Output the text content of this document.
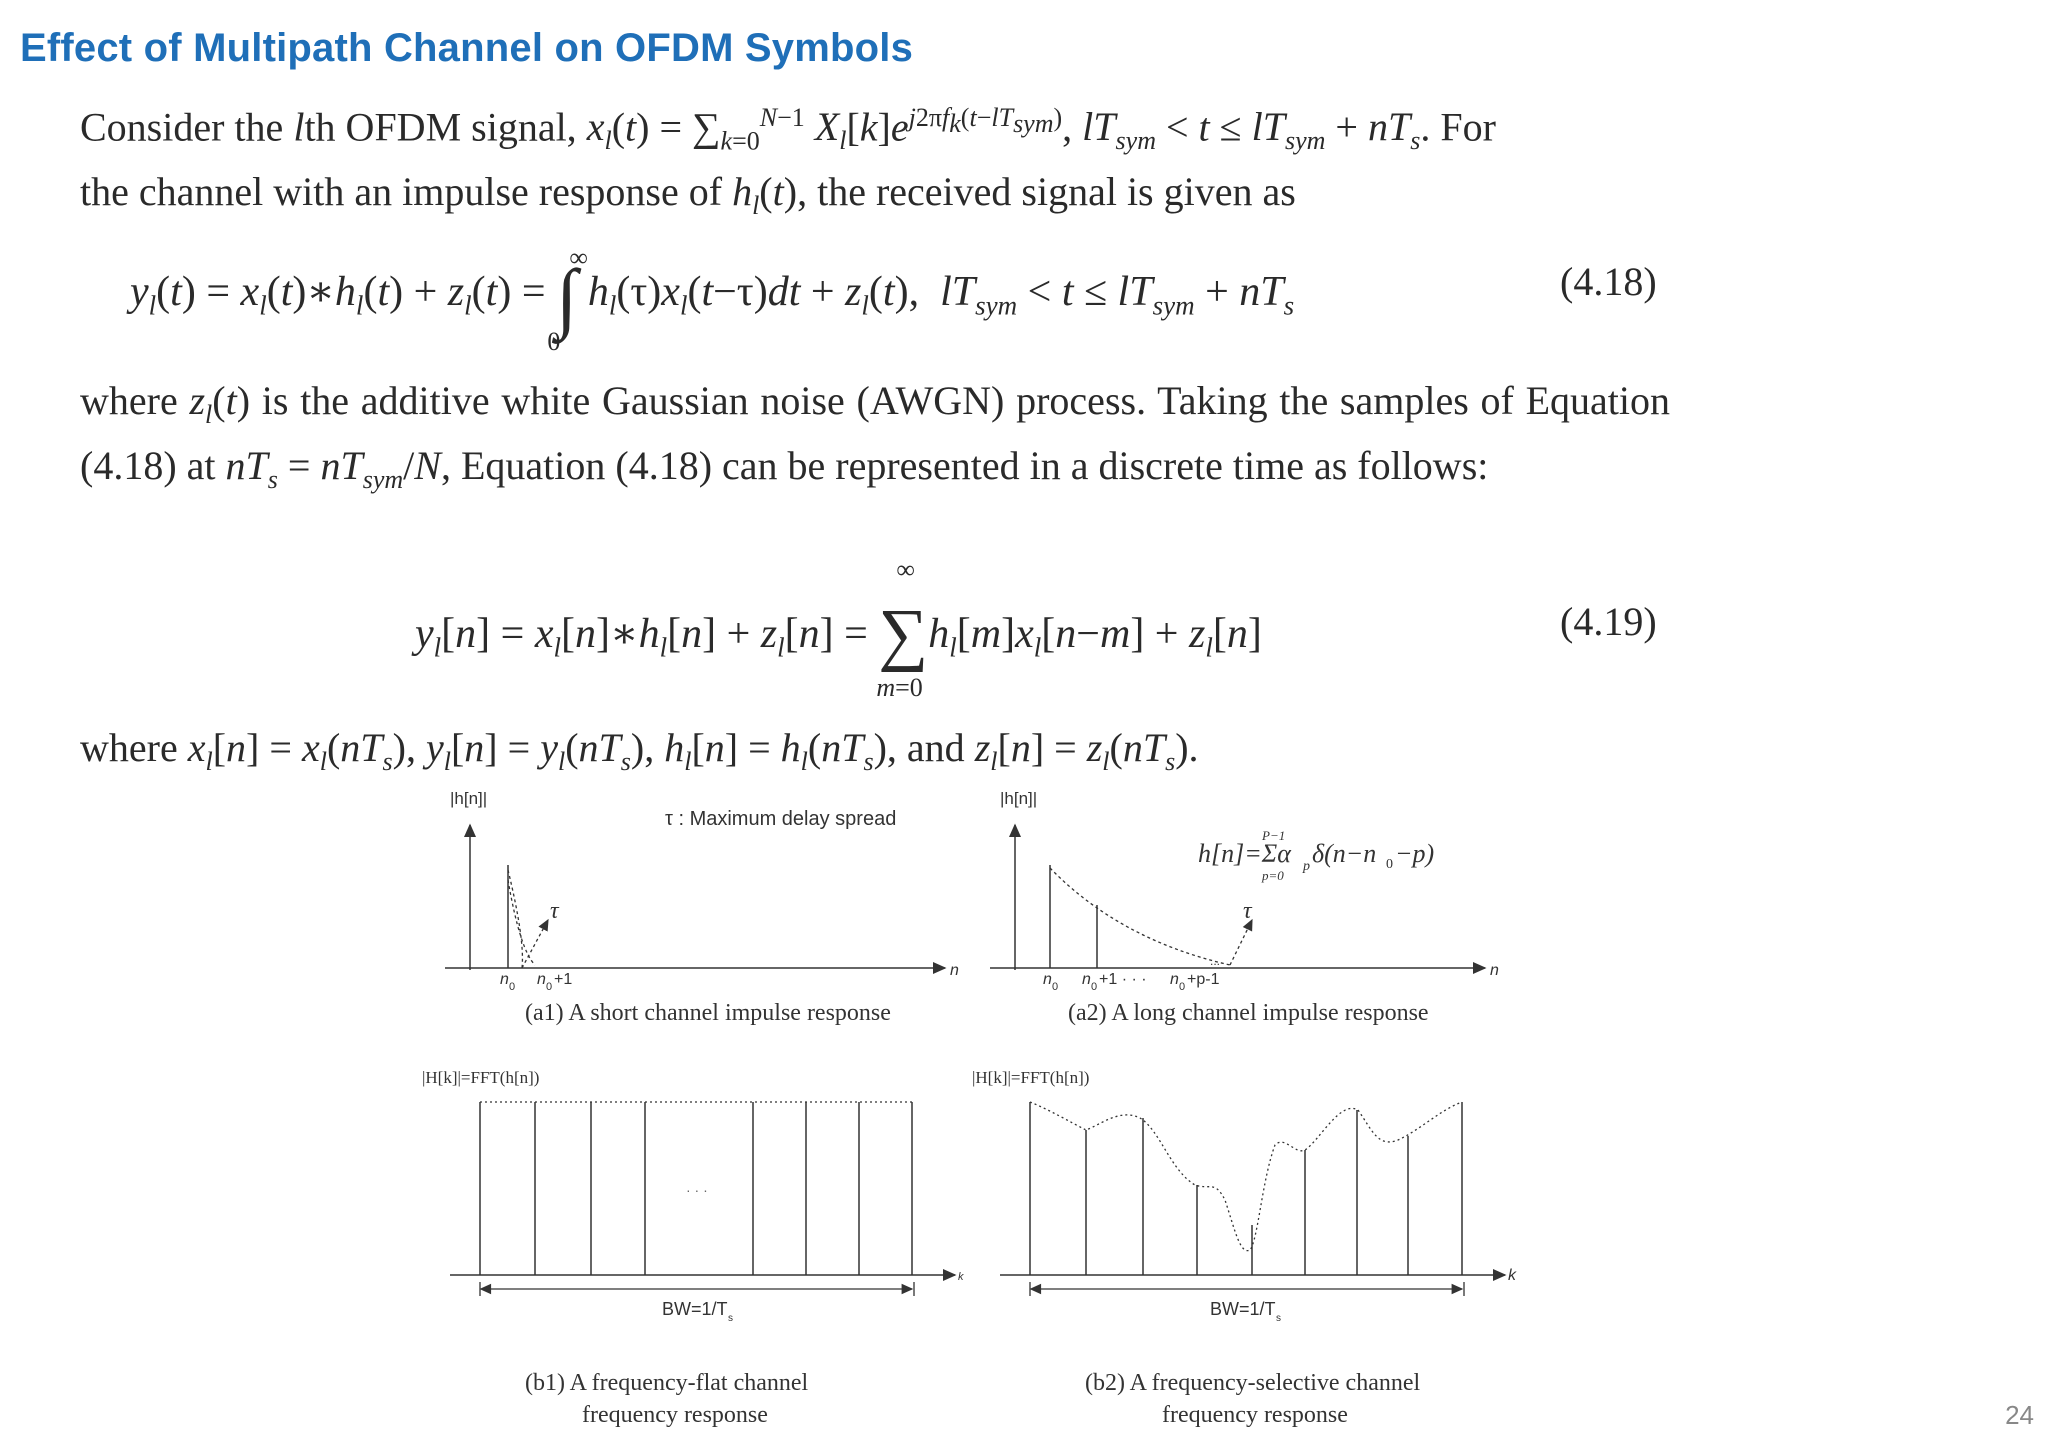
Effect of Multipath Channel on OFDM Symbols
Consider the lth OFDM signal, $x_l(t) = \sum_{k=0}^{N-1}$ $X_l[k]e^{j2\pi f_k(t-lT_{sym})}$, $lT_{sym} < t \le lT_{sym} + nT_s$. For
the channel with an impulse response of $h_l(t)$, the received signal is given as
$y_l(t)$ = $x_l(t)∗h_l(t) + z_l(t)$ = ∫
∞
0
$h_l(\tau)x_l(t-\tau)dt + z_l(t)$,  $lT_{sym} < t \le lT_{sym} + nT_s$
(4.18)
where $z_l(t)$ is the additive white Gaussian noise (AWGN) process. Taking the samples of Equation (4.18) at $nT_s = nT_{sym}/N$, Equation (4.18) can be represented in a discrete time as follows:
$y_l[n]$ = $x_l[n]∗h_l[n] + z_l[n]$ = ∑
∞
m=0
$h_l[m]x_l[n-m] + z_l[n]$	(4.19)
where $x_l[n] = x_l(nT_s)$, $y_l[n] = y_l(nT_s)$, $h_l[n] = h_l(nT_s)$, and $z_l[n] = z_l(nT_s)$.
|h[n]|
n
τ
n 0 n 0 +1
τ : Maximum delay spread
(a1) A short channel impulse response
|h[n]|
n
τ
...
n 0 n 0 +1 · · · n 0 +p-1
h[n]=Σα p δ(n−n 0 −p)
P−1
p=0
(a2) A long channel impulse response
|H[k]|=FFT(h[n])
k
· · ·
BW=1/T s
(b1) A frequency-flat channel
frequency response
|H[k]|=FFT(h[n])
k
BW=1/T s
(b2) A frequency-selective channel
frequency response	24
